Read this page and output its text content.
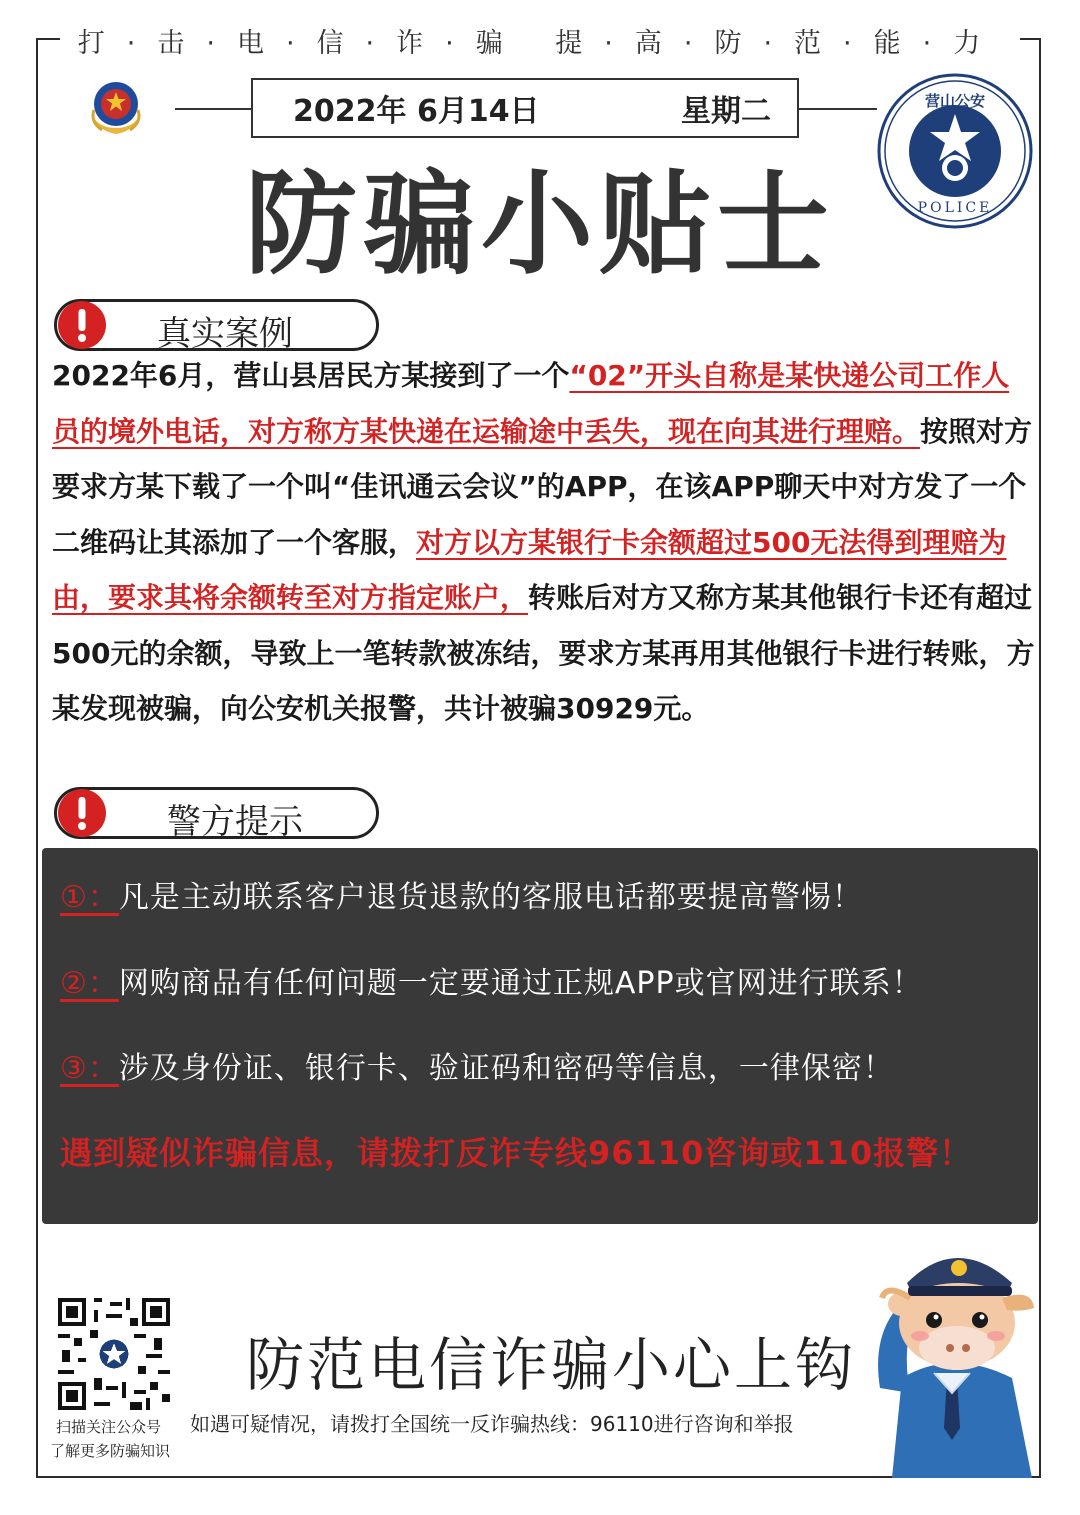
打·击·电·信·诈·骗 提·高·防·范·能·力
2022年 6月14日	星期二	营山公安
POLICE
防骗小贴士
真实案例
2022年6月，营山县居民方某接到了一个“02”开头自称是某快递公司工作人员的境外电话，对方称方某快递在运输途中丢失，现在向其进行理赔。按照对方要求方某下载了一个叫“佳讯通云会议”的APP，在该APP聊天中对方发了一个二维码让其添加了一个客服，对方以方某银行卡余额超过500无法得到理赔为由，要求其将余额转至对方指定账户，转账后对方又称方某其他银行卡还有超过500元的余额，导致上一笔转款被冻结，要求方某再用其他银行卡进行转账，方某发现被骗，向公安机关报警，共计被骗30929元。
警方提示
①：凡是主动联系客户退货退款的客服电话都要提高警惕！
②：网购商品有任何问题一定要通过正规APP或官网进行联系！
③：涉及身份证、银行卡、验证码和密码等信息，一律保密！
遇到疑似诈骗信息，请拨打反诈专线96110咨询或110报警！
扫描关注公众号
了解更多防骗知识
防范电信诈骗小心上钩
如遇可疑情况，请拨打全国统一反诈骗热线：96110进行咨询和举报
